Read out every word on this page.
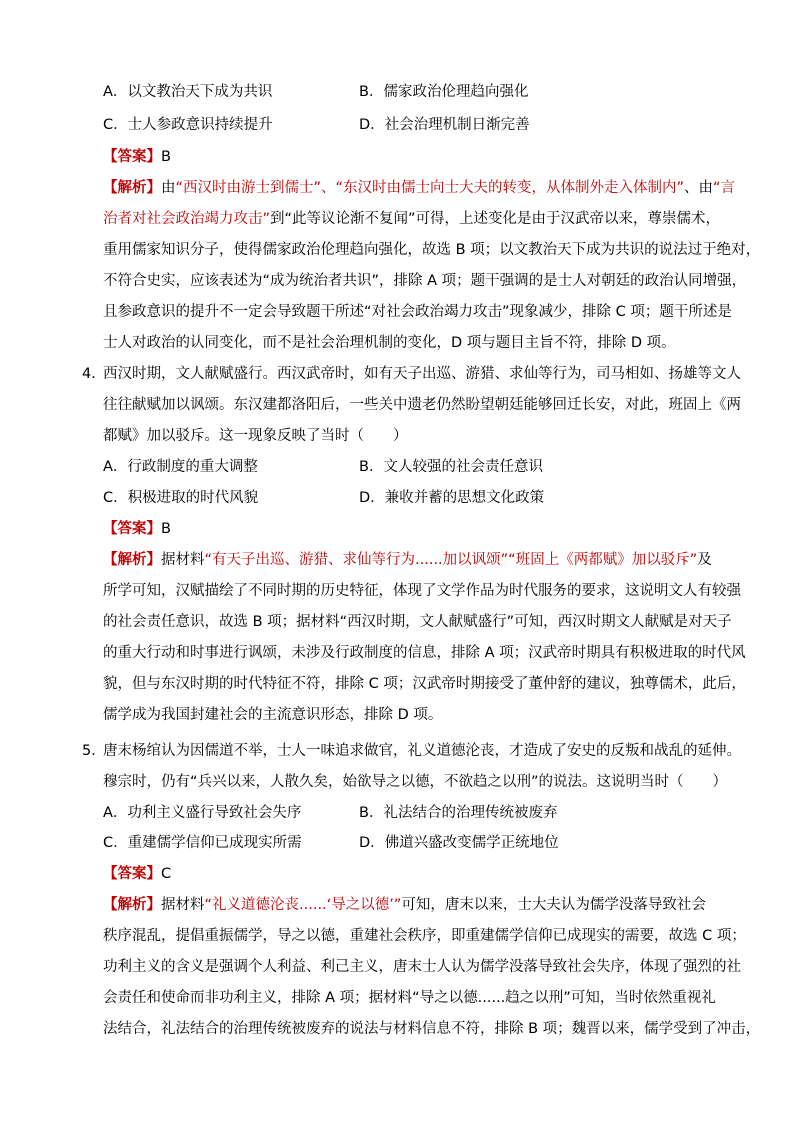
A．以文教治天下成为共识	B．儒家政治伦理趋向强化
C．士人参政意识持续提升	D．社会治理机制日渐完善
【答案】B
【解析】由“西汉时由游士到儒士”、“东汉时由儒士向士大夫的转变，从体制外走入体制内”、由“言
治者对社会政治竭力攻击”到“此等议论渐不复闻”可得，上述变化是由于汉武帝以来，尊崇儒术，
重用儒家知识分子，使得儒家政治伦理趋向强化，故选 B 项；以文教治天下成为共识的说法过于绝对，
不符合史实，应该表述为“成为统治者共识”，排除 A 项；题干强调的是士人对朝廷的政治认同增强，
且参政意识的提升不一定会导致题干所述“对社会政治竭力攻击”现象减少，排除 C 项；题干所述是
士人对政治的认同变化，而不是社会治理机制的变化，D 项与题目主旨不符，排除 D 项。
4．
西汉时期，文人献赋盛行。西汉武帝时，如有天子出巡、游猎、求仙等行为，司马相如、扬雄等文人
往往献赋加以讽颂。东汉建都洛阳后，一些关中遗老仍然盼望朝廷能够回迁长安，对此，班固上《两
都赋》加以驳斥。这一现象反映了当时（　　）
A．行政制度的重大调整	B．文人较强的社会责任意识
C．积极进取的时代风貌	D．兼收并蓄的思想文化政策
【答案】B
【解析】据材料“有天子出巡、游猎、求仙等行为......加以讽颂”“班固上《两都赋》加以驳斥”及
所学可知，汉赋描绘了不同时期的历史特征，体现了文学作品为时代服务的要求，这说明文人有较强
的社会责任意识，故选 B 项；据材料“西汉时期，文人献赋盛行”可知，西汉时期文人献赋是对天子
的重大行动和时事进行讽颂，未涉及行政制度的信息，排除 A 项；汉武帝时期具有积极进取的时代风
貌，但与东汉时期的时代特征不符，排除 C 项；汉武帝时期接受了董仲舒的建议，独尊儒术，此后，
儒学成为我国封建社会的主流意识形态，排除 D 项。
5．
唐末杨绾认为因儒道不举，士人一味追求做官，礼义道德沦丧，才造成了安史的反叛和战乱的延伸。
穆宗时，仍有“兵兴以来，人散久矣，始欲导之以德，不欲趋之以刑”的说法。这说明当时（　　）
A．功利主义盛行导致社会失序	B．礼法结合的治理传统被废弃
C．重建儒学信仰已成现实所需	D．佛道兴盛改变儒学正统地位
【答案】C
【解析】据材料“礼义道德沦丧......‘导之以德’”可知，唐末以来，士大夫认为儒学没落导致社会
秩序混乱，提倡重振儒学，导之以德，重建社会秩序，即重建儒学信仰已成现实的需要，故选 C 项；
功利主义的含义是强调个人利益、利己主义，唐末士人认为儒学没落导致社会失序，体现了强烈的社
会责任和使命而非功利主义，排除 A 项；据材料“导之以德......趋之以刑”可知，当时依然重视礼
法结合，礼法结合的治理传统被废弃的说法与材料信息不符，排除 B 项；魏晋以来，儒学受到了冲击，
